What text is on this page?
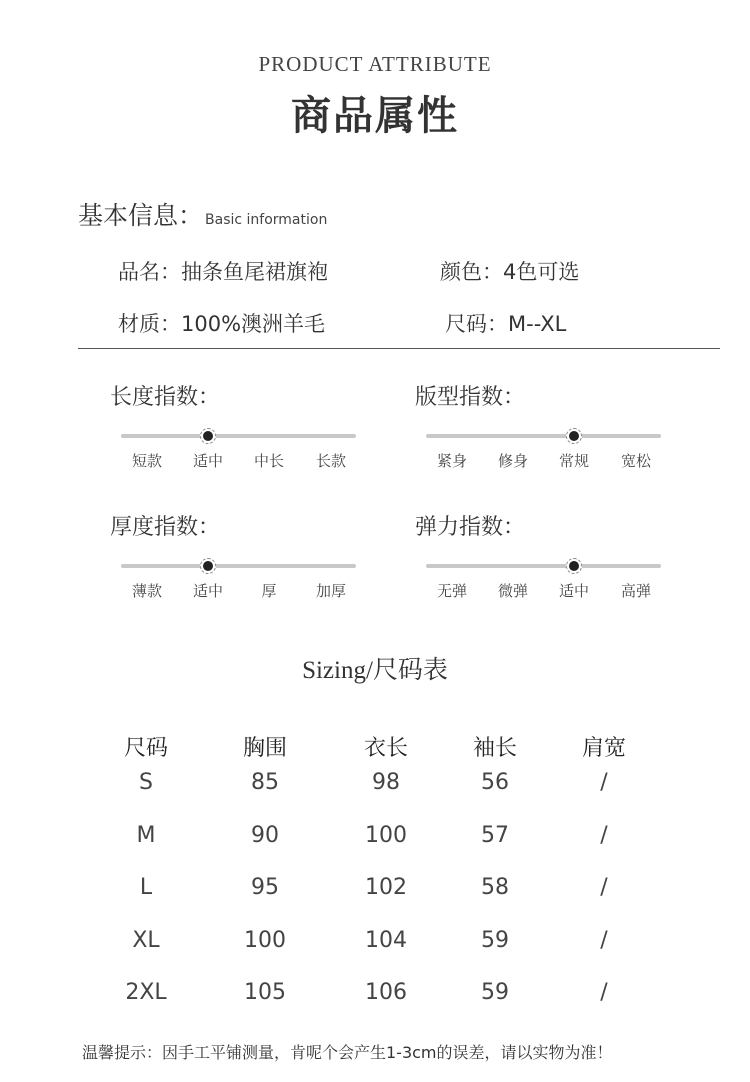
PRODUCT ATTRIBUTE
商品属性
基本信息： Basic information
品名：抽条鱼尾裙旗袍	颜色：4色可选
材质：100%澳洲羊毛	尺码：M--XL
长度指数：
短款	适中	中长	长款
版型指数：
紧身	修身	常规	宽松
厚度指数：
薄款	适中	厚	加厚
弹力指数：
无弹	微弹	适中	高弹
Sizing/尺码表
尺码	胸围	衣长	袖长	肩宽
S	85	98	56	/
M	90	100	57	/
L	95	102	58	/
XL	100	104	59	/
2XL	105	106	59	/
温馨提示：因手工平铺测量，肯呢个会产生1-3cm的误差，请以实物为准！
